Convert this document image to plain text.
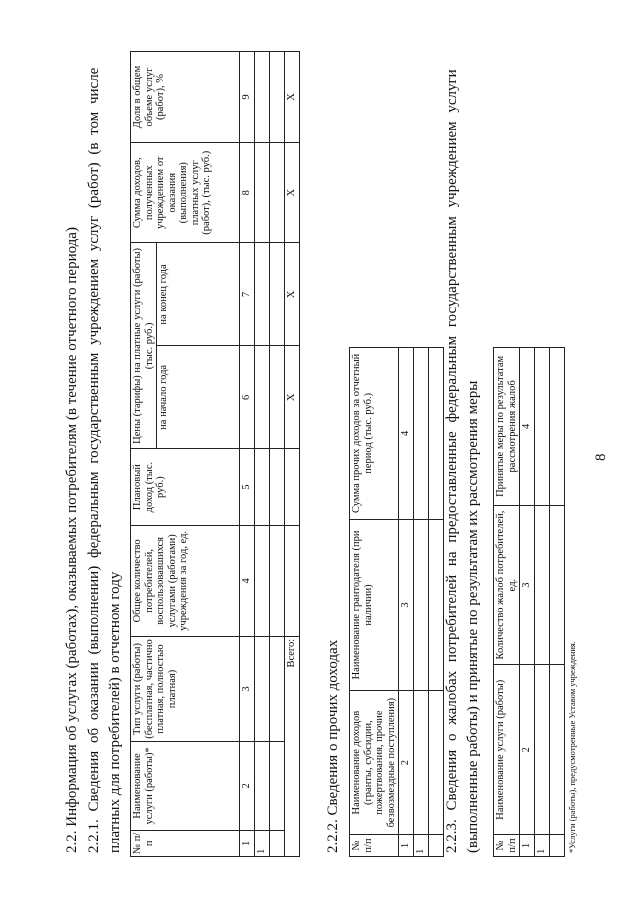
8
2.2. Информация об услугах (работах), оказываемых потребителям (в течение отчетного периода) 2.2.1. Сведения об оказании (выполнении) федеральным государственным учреждением услуг (работ) (в том числе платных для потребителей) в отчетном году № п/п	Наименование услуги (работы)*	Тип услуги (работы) (бесплатная, частично платная, полностью платная)	Общее количество потребителей, воспользовавшихся услугами (работами) учреждения за год, ед.	Плановый доход (тыс. руб.)	Цены (тарифы) на платные услуги (работы) (тыс. руб.)		Сумма доходов, полученных учреждением от оказания (выполнения) платных услуг (работ), (тыс. руб.)	Доля в общем объеме услуг (работ), %
					на начало года	на конец года		
1	2	3	4	5	6	7	8	9
1								

Всего:					X	X	X	X
2.2.2. Сведения о прочих доходах № п/п	Наименование доходов (гранты, субсидии, пожертвования, прочие безвозмездные поступления)	Наименование грантодателя (при наличии)	Сумма прочих доходов за отчетный период (тыс. руб.)
1	2	3	4
1			
			2.2.3. Сведения о жалобах потребителей на предоставленные федеральным государственным учреждением услуги (выполненные работы) и принятые по результатам их рассмотрения меры № п/п	Наименование услуги (работы)	Количество жалоб потребителей, ед.	Принятые меры по результатам рассмотрения жалоб
1	2	3	4
1			
			*Услуги (работы), предусмотренные Уставом учреждения.
